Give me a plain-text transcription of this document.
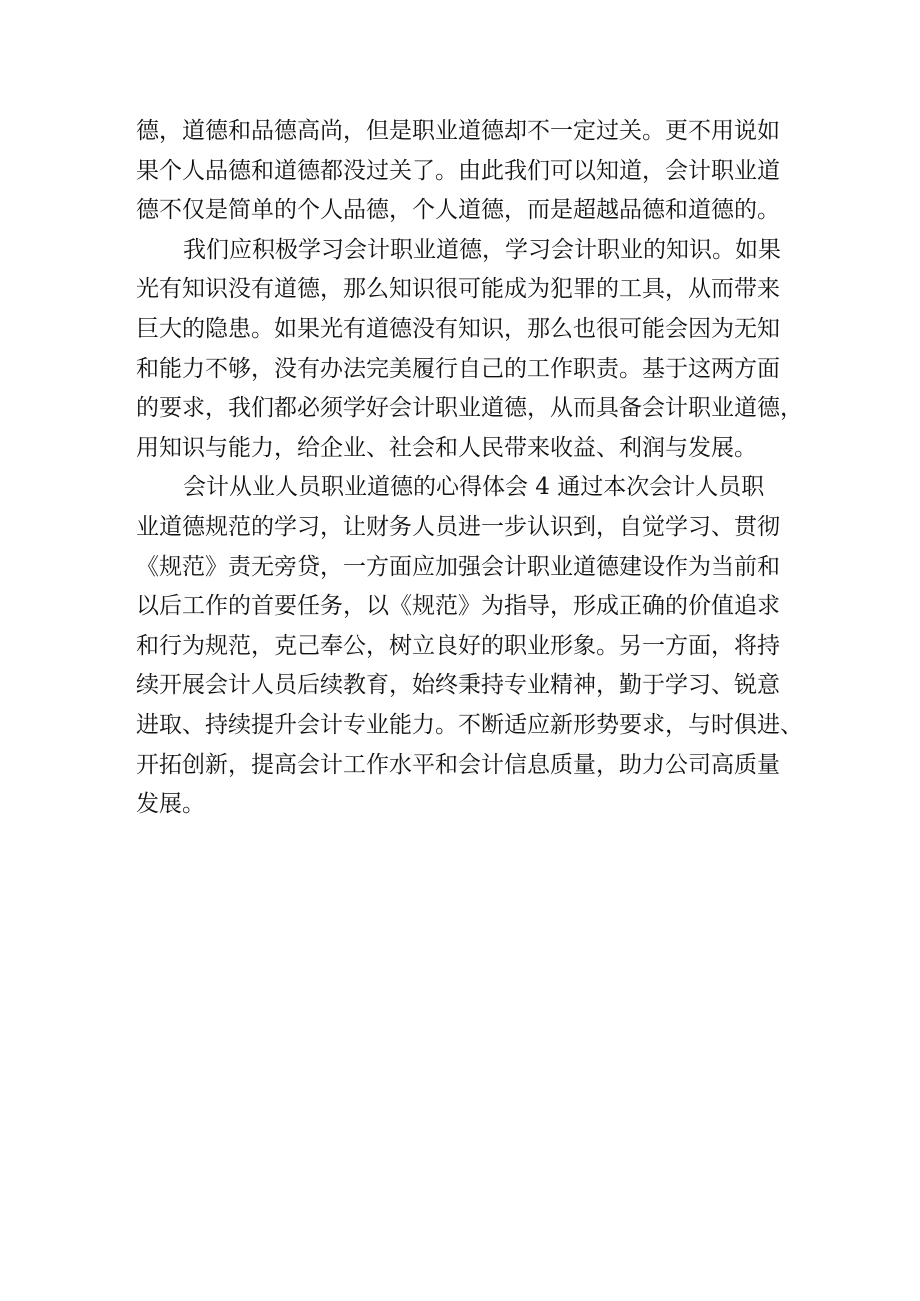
德，道德和品德高尚，但是职业道德却不一定过关。更不用说如
果个人品德和道德都没过关了。由此我们可以知道，会计职业道
德不仅是简单的个人品德，个人道德，而是超越品德和道德的。
我们应积极学习会计职业道德，学习会计职业的知识。如果
光有知识没有道德，那么知识很可能成为犯罪的工具，从而带来
巨大的隐患。如果光有道德没有知识，那么也很可能会因为无知
和能力不够，没有办法完美履行自己的工作职责。基于这两方面
的要求，我们都必须学好会计职业道德，从而具备会计职业道德，
用知识与能力，给企业、社会和人民带来收益、利润与发展。
会计从业人员职业道德的心得体会 4 通过本次会计人员职
业道德规范的学习，让财务人员进一步认识到，自觉学习、贯彻
《规范》责无旁贷，一方面应加强会计职业道德建设作为当前和
以后工作的首要任务，以《规范》为指导，形成正确的价值追求
和行为规范，克己奉公，树立良好的职业形象。另一方面，将持
续开展会计人员后续教育，始终秉持专业精神，勤于学习、锐意
进取、持续提升会计专业能力。不断适应新形势要求，与时俱进、
开拓创新，提高会计工作水平和会计信息质量，助力公司高质量
发展。
